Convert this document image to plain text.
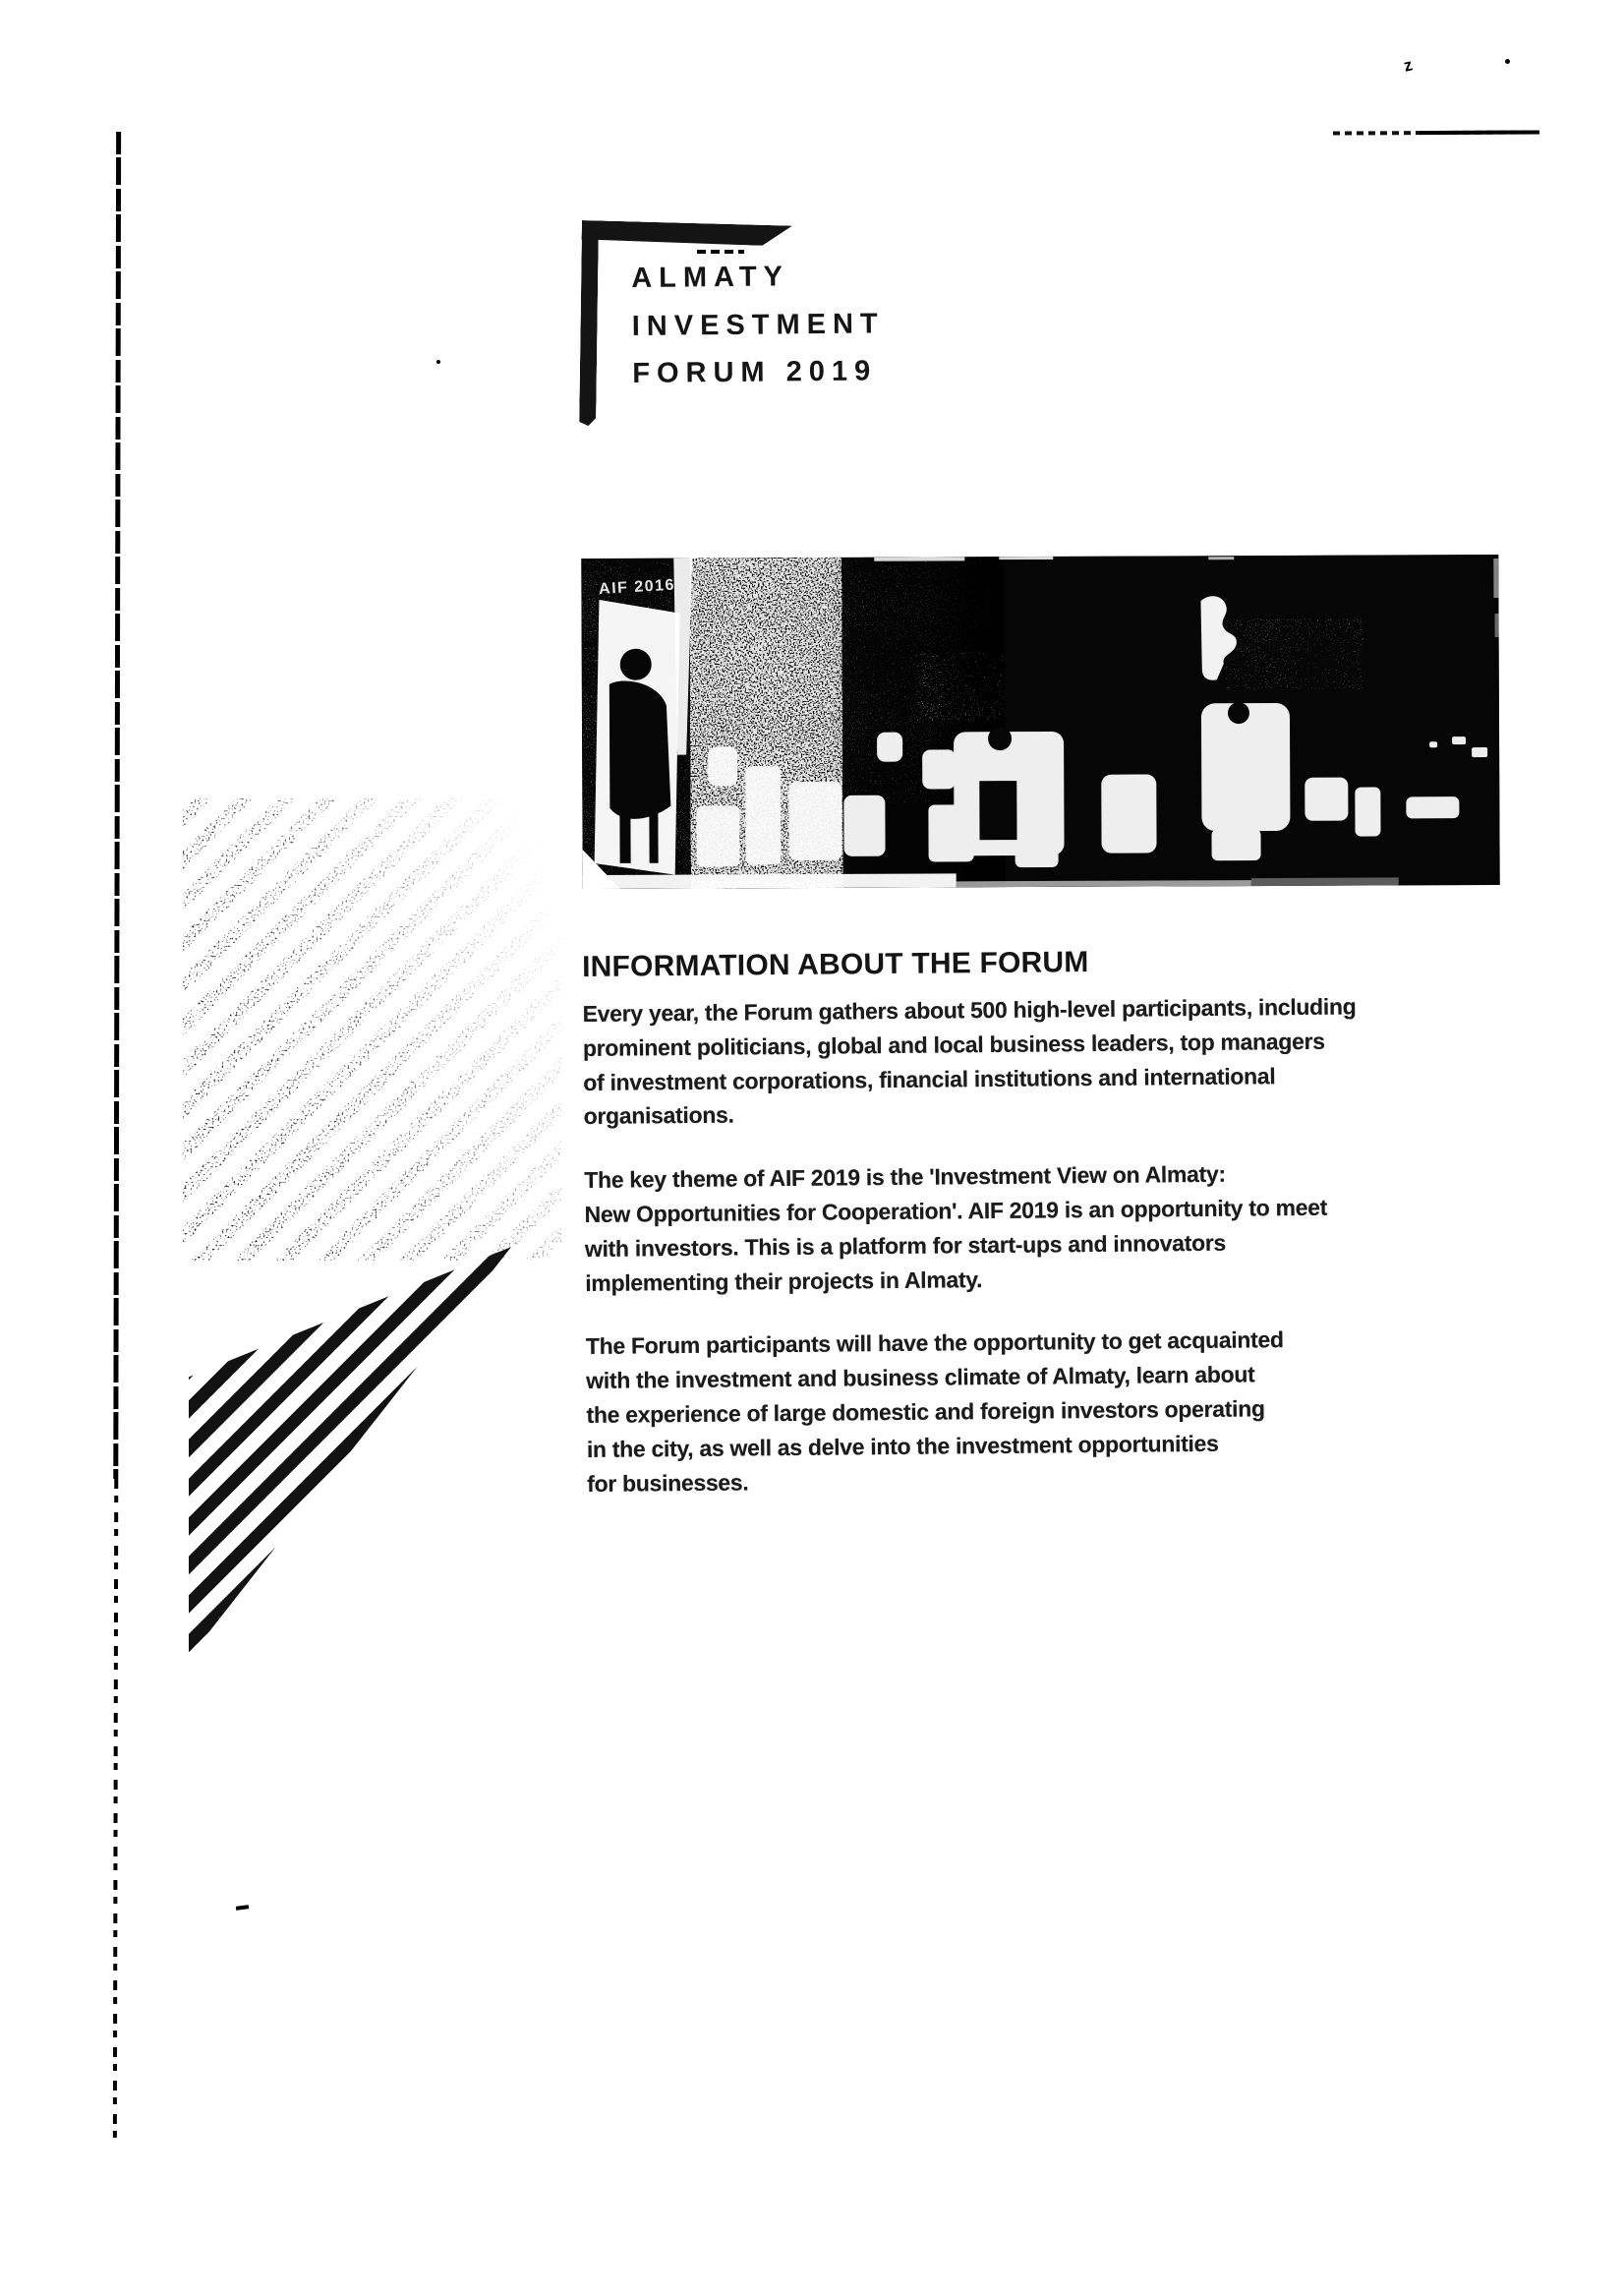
z
ALMATY
INVESTMENT
FORUM 2019
AIF 2016
INFORMATION ABOUT THE FORUM

Every year, the Forum gathers about 500 high-level participants, including
prominent politicians, global and local business leaders, top managers
of investment corporations, financial institutions and international
organisations.

The key theme of AIF 2019 is the 'Investment View on Almaty:
New Opportunities for Cooperation'. AIF 2019 is an opportunity to meet
with investors. This is a platform for start-ups and innovators
implementing their projects in Almaty.

The Forum participants will have the opportunity to get acquainted
with the investment and business climate of Almaty, learn about
the experience of large domestic and foreign investors operating
in the city, as well as delve into the investment opportunities
for businesses.
